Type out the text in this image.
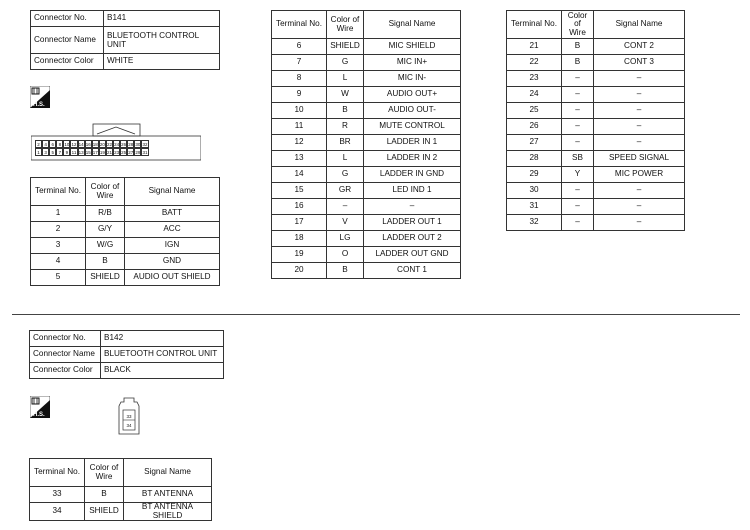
Connector No.	B141
Connector Name	BLUETOOTH CONTROL UNIT
Connector Color	WHITE
H.S.
2	4	6	8 10 12 14 16 18 20 22 24 26 28 30 32
1	3	5	7	9 11 13 15 17 19 21 23 25 27 29 31
Terminal No.	Color of Wire	Signal Name
1	R/B	BATT
2	G/Y	ACC
3	W/G	IGN
4	B	GND
5	SHIELD	AUDIO OUT SHIELD
Terminal No.	Color of Wire	Signal Name
6	SHIELD	MIC SHIELD
7	G	MIC IN+
8	L	MIC IN-
9	W	AUDIO OUT+
10	B	AUDIO OUT-
11	R	MUTE CONTROL
12	BR	LADDER IN 1
13	L	LADDER IN 2
14	G	LADDER IN GND
15	GR	LED IND 1
16	–	–
17	V	LADDER OUT 1
18	LG	LADDER OUT 2
19	O	LADDER OUT GND
20	B	CONT 1
Terminal No.	Color of Wire	Signal Name
21	B	CONT 2
22	B	CONT 3
23	–	–
24	–	–
25	–	–
26	–	–
27	–	–
28	SB	SPEED SIGNAL
29	Y	MIC POWER
30	–	–
31	–	–
32	–	–
Connector No.	B142
Connector Name	BLUETOOTH CONTROL UNIT
Connector Color	BLACK
H.S.	33
34
Terminal No.	Color of Wire	Signal Name
33	B	BT ANTENNA
34	SHIELD	BT ANTENNA SHIELD
